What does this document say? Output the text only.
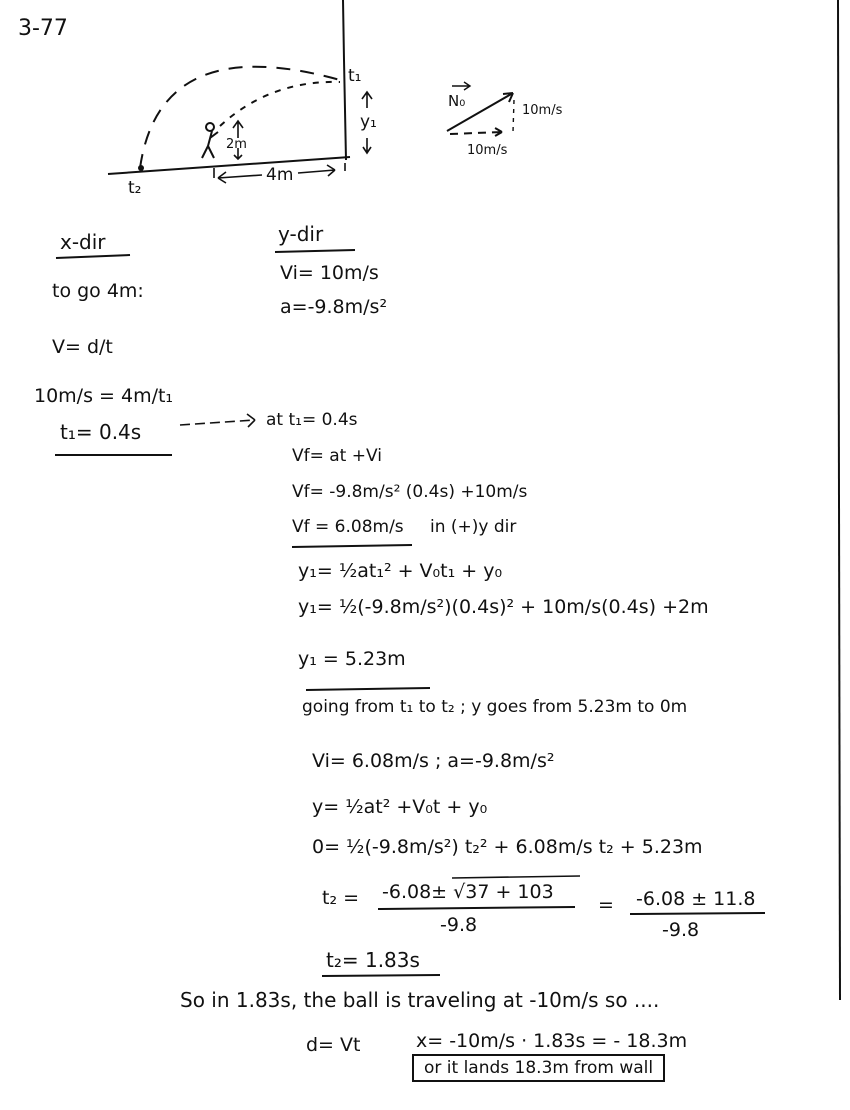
3-77
t₁
t₂
y₁
2m
4m
N₀
10m/s
10m/s
x-dir
to go 4m:
V= d/t
10m/s = 4m/t₁
t₁= 0.4s
y-dir
Vi= 10m/s
a=-9.8m/s²
at t₁= 0.4s
Vf= at +Vi
Vf= -9.8m/s² (0.4s) +10m/s
Vf = 6.08m/s in (+)y dir
y₁= ½at₁² + V₀t₁ + y₀
y₁= ½(-9.8m/s²)(0.4s)² + 10m/s(0.4s) +2m
y₁ = 5.23m
going from t₁ to t₂ ; y goes from 5.23m to 0m
Vi= 6.08m/s ; a=-9.8m/s²
y= ½at² +V₀t + y₀
0= ½(-9.8m/s²) t₂² + 6.08m/s t₂ + 5.23m
t₂ = -6.08± √37 + 103
-9.8
= -6.08 ± 11.8
-9.8
t₂= 1.83s
So in 1.83s, the ball is traveling at -10m/s so ....
d= Vt	x= -10m/s · 1.83s = - 18.3m
or it lands 18.3m from wall
